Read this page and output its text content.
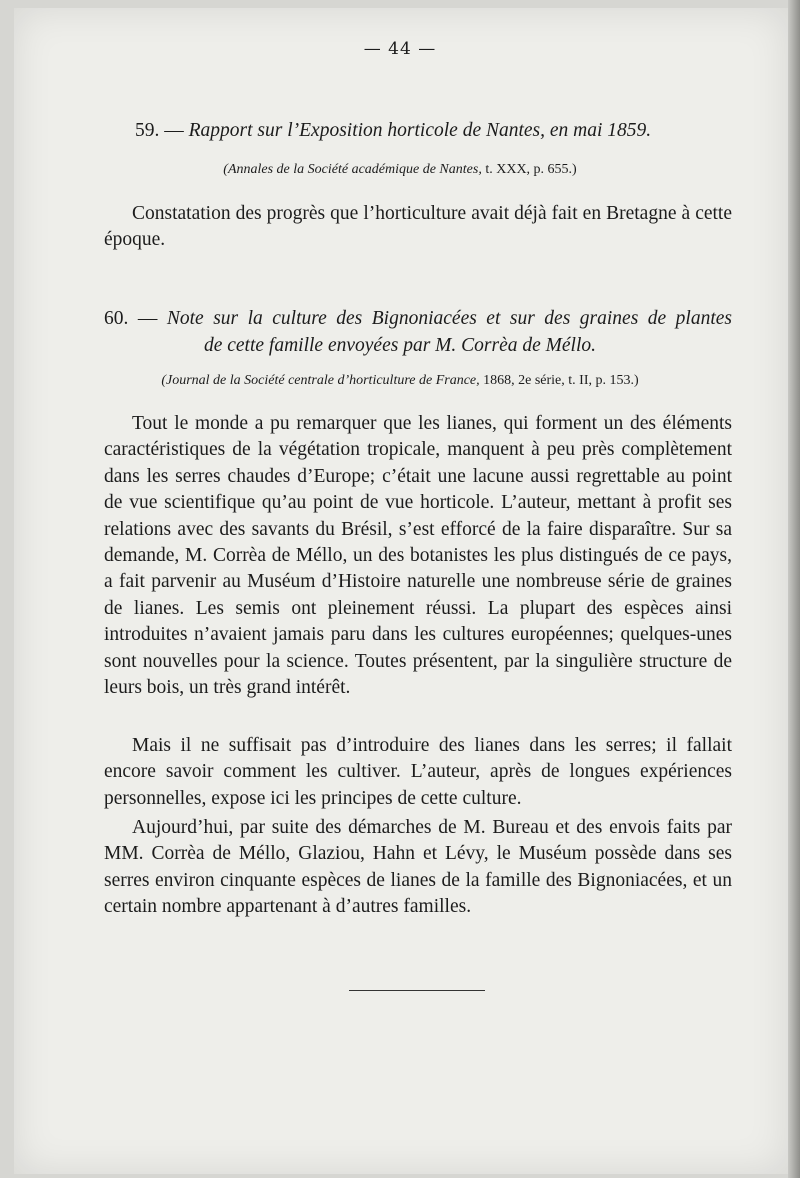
— 44 —
59. — Rapport sur l’Exposition horticole de Nantes, en mai 1859.
(Annales de la Société académique de Nantes, t. XXX, p. 655.)

Constatation des progrès que l’horticulture avait déjà fait en Bretagne à cette époque.

60. — Note sur la culture des Bignoniacées et sur des graines de plantes
de cette famille envoyées par M. Corrèa de Méllo.
(Journal de la Société centrale d’horticulture de France, 1868, 2e série, t. II, p. 153.)

Tout le monde a pu remarquer que les lianes, qui forment un des éléments caractéristiques de la végétation tropicale, manquent à peu près complètement dans les serres chaudes d’Europe; c’était une lacune aussi regrettable au point de vue scientifique qu’au point de vue horticole. L’auteur, mettant à profit ses relations avec des savants du Brésil, s’est efforcé de la faire disparaître. Sur sa demande, M. Corrèa de Méllo, un des botanistes les plus distingués de ce pays, a fait parvenir au Muséum d’Histoire naturelle une nombreuse série de graines de lianes. Les semis ont pleinement réussi. La plupart des espèces ainsi introduites n’avaient jamais paru dans les cultures européennes; quelques-unes sont nouvelles pour la science. Toutes présentent, par la singulière structure de leurs bois, un très grand intérêt.

Mais il ne suffisait pas d’introduire des lianes dans les serres; il fallait encore savoir comment les cultiver. L’auteur, après de longues expériences personnelles, expose ici les principes de cette culture.

Aujourd’hui, par suite des démarches de M. Bureau et des envois faits par MM. Corrèa de Méllo, Glaziou, Hahn et Lévy, le Muséum possède dans ses serres environ cinquante espèces de lianes de la famille des Bignoniacées, et un certain nombre appartenant à d’autres familles.
